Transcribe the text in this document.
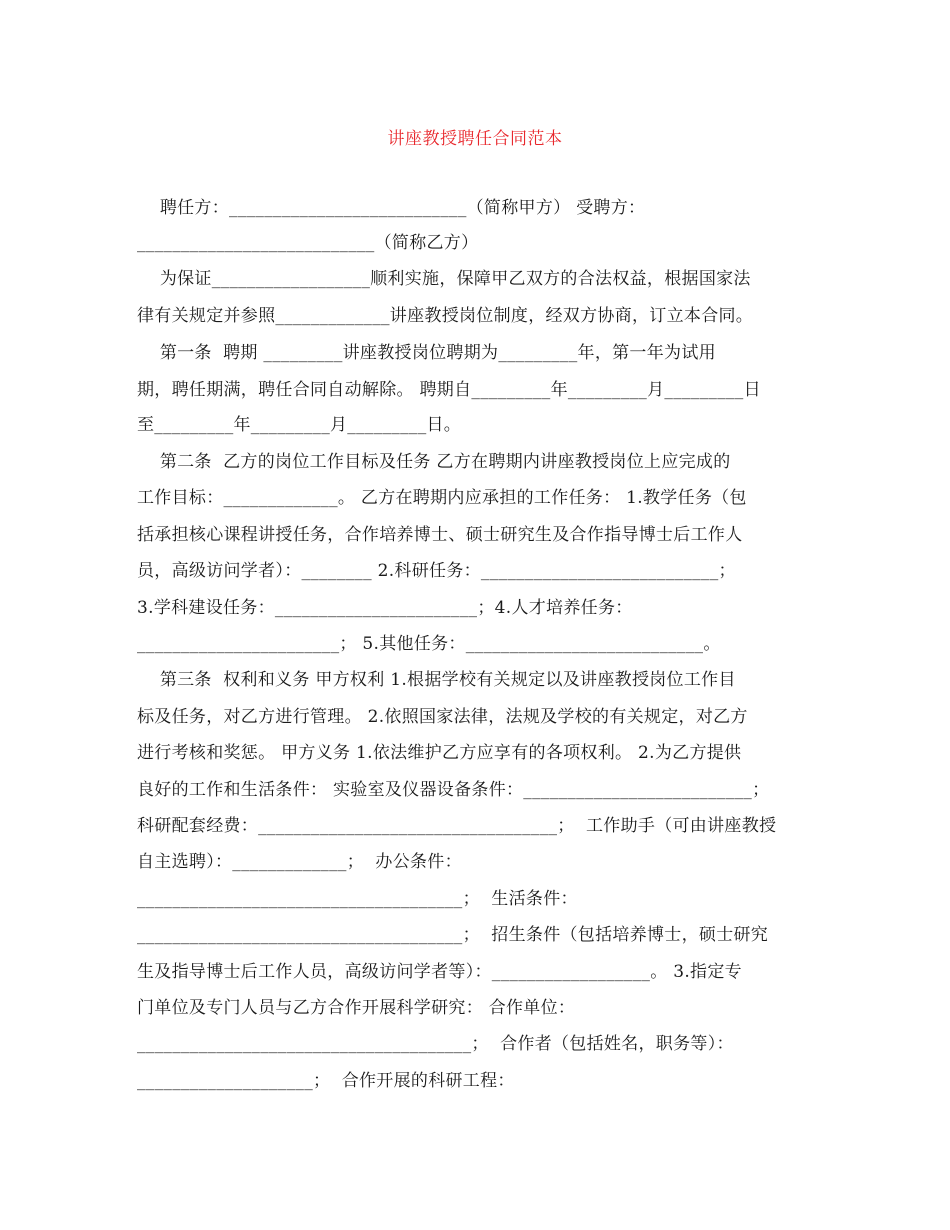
讲座教授聘任合同范本
聘任方：___________________________（简称甲方） 受聘方：
___________________________（简称乙方）
为保证__________________顺利实施，保障甲乙双方的合法权益，根据国家法
律有关规定并参照_____________讲座教授岗位制度，经双方协商，订立本合同。
第一条  聘期 _________讲座教授岗位聘期为_________年，第一年为试用
期，聘任期满，聘任合同自动解除。 聘期自_________年_________月_________日
至_________年_________月_________日。
第二条  乙方的岗位工作目标及任务 乙方在聘期内讲座教授岗位上应完成的
工作目标：_____________。 乙方在聘期内应承担的工作任务： 1.教学任务（包
括承担核心课程讲授任务，合作培养博士、硕士研究生及合作指导博士后工作人
员，高级访问学者）：________ 2.科研任务：___________________________；
3.学科建设任务：_______________________；4.人才培养任务：
_______________________； 5.其他任务：___________________________。
第三条  权利和义务 甲方权利 1.根据学校有关规定以及讲座教授岗位工作目
标及任务，对乙方进行管理。 2.依照国家法律，法规及学校的有关规定，对乙方
进行考核和奖惩。 甲方义务 1.依法维护乙方应享有的各项权利。 2.为乙方提供
良好的工作和生活条件： 实验室及仪器设备条件：__________________________；
科研配套经费：__________________________________；  工作助手（可由讲座教授
自主选聘）：_____________；  办公条件：
_____________________________________；  生活条件：
_____________________________________；  招生条件（包括培养博士，硕士研究
生及指导博士后工作人员，高级访问学者等）：__________________。 3.指定专
门单位及专门人员与乙方合作开展科学研究： 合作单位：
______________________________________；  合作者（包括姓名，职务等）：
____________________；  合作开展的科研工程：
